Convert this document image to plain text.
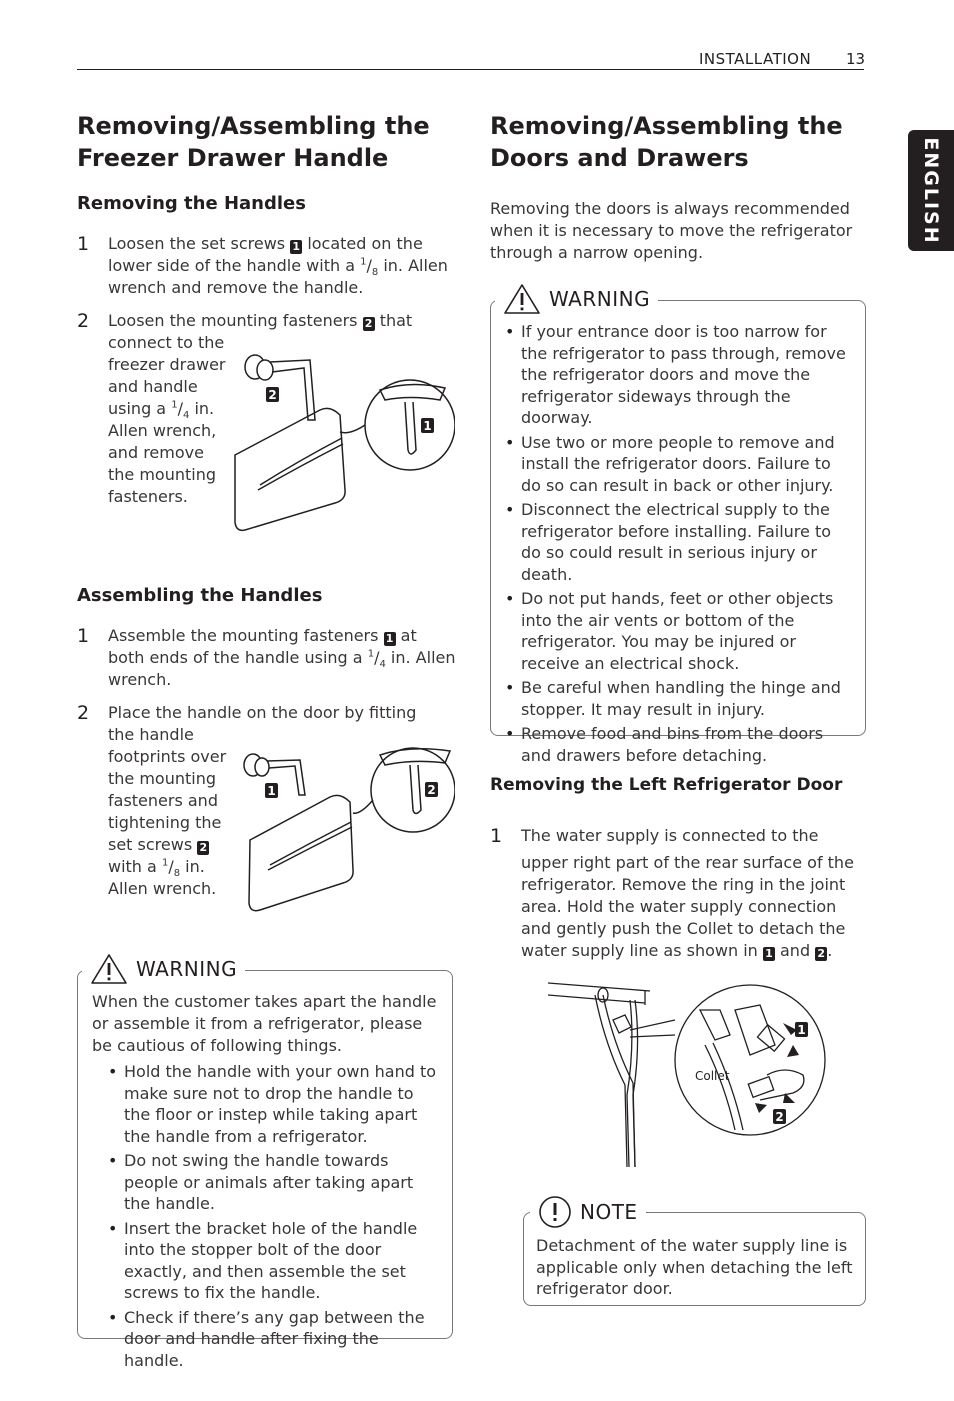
INSTALLATION 13
ENGLISH
Removing/Assembling the
Freezer Drawer Handle
Removing the Handles
1 Loosen the set screws 1 located on the
lower side of the handle with a $^1/_8$ in. Allen
wrench and remove the handle.
2 Loosen the mounting fasteners 2 that
connect to the
freezer drawer
and handle
using a $^1/_4$ in.
Allen wrench,
and remove
the mounting
fasteners.
2
1
Assembling the Handles
1 Assemble the mounting fasteners 1 at
both ends of the handle using a $^1/_4$ in. Allen
wrench.
2 Place the handle on the door by fitting
the handle
footprints over
the mounting
fasteners and
tightening the
set screws 2
with a $^1/_8$ in.
Allen wrench.
1	2
WARNING
When the customer takes apart the handle or assemble it from a refrigerator, please be cautious of following things.
• Hold the handle with your own hand to make sure not to drop the handle to the floor or instep while taking apart the handle from a refrigerator.
• Do not swing the handle towards people or animals after taking apart the handle.
• Insert the bracket hole of the handle into the stopper bolt of the door exactly, and then assemble the set screws to fix the handle.
• Check if there’s any gap between the door and handle after fixing the handle.
Removing/Assembling the
Doors and Drawers
Removing the doors is always recommended when it is necessary to move the refrigerator through a narrow opening.
WARNING
• If your entrance door is too narrow for the refrigerator to pass through, remove the refrigerator doors and move the refrigerator sideways through the doorway.
• Use two or more people to remove and install the refrigerator doors. Failure to do so can result in back or other injury.
• Disconnect the electrical supply to the refrigerator before installing. Failure to do so could result in serious injury or death.
• Do not put hands, feet or other objects into the air vents or bottom of the refrigerator. You may be injured or receive an electrical shock.
• Be careful when handling the hinge and stopper. It may result in injury.
• Remove food and bins from the doors and drawers before detaching.
Removing the Left Refrigerator Door
1 The water supply is connected to the
upper right part of the rear surface of the refrigerator. Remove the ring in the joint area. Hold the water supply connection and gently push the Collet to detach the water supply line as shown in 1 and 2 .
Collet
1
2
NOTE
Detachment of the water supply line is applicable only when detaching the left refrigerator door.
